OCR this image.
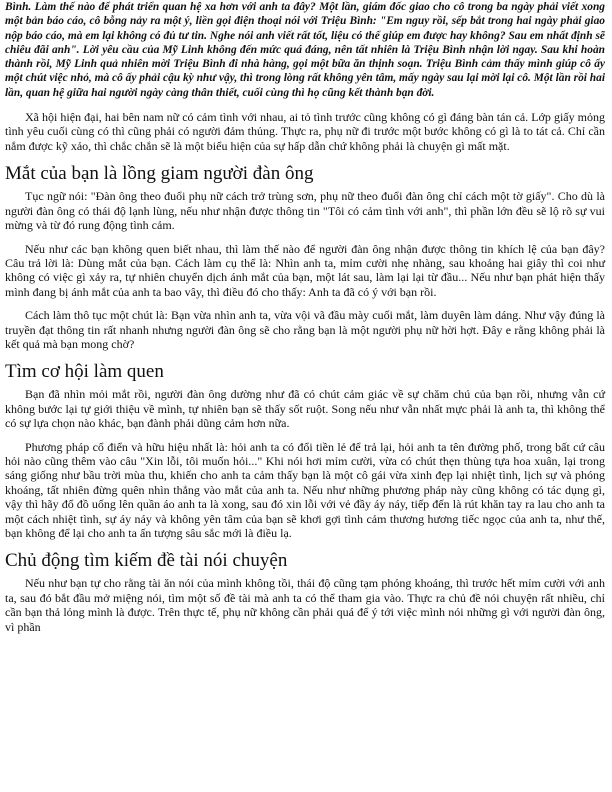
Bình. Làm thế nào để phát triển quan hệ xa hơn với anh ta đây? Một lần, giám đốc giao cho cô trong ba ngày phải viết xong một bản báo cáo, cô bỗng nảy ra một ý, liền gọi điện thoại nói với Triệu Bình: "Em nguy rồi, sếp bắt trong hai ngày phải giao nộp báo cáo, mà em lại không có đủ tư tin. Nghe nói anh viết rất tốt, liệu có thể giúp em được hay không? Sau em nhất định sẽ chiêu đãi anh". Lời yêu cầu của Mỹ Linh không đến mức quá đáng, nên tất nhiên là Triệu Bình nhận lời ngay. Sau khi hoàn thành rồi, Mỹ Linh quả nhiên mời Triệu Bình đi nhà hàng, gọi một bữa ăn thịnh soạn. Triệu Bình cảm thấy mình giúp cô ấy một chút việc nhỏ, mà cô ấy phải cậu kỳ như vậy, thì trong lòng rất không yên tâm, mấy ngày sau lại mời lại cô. Một lần rồi hai lần, quan hệ giữa hai người ngày càng thân thiết, cuối cùng thì họ cũng kết thành bạn đời.

Xã hội hiện đại, hai bên nam nữ có cảm tình với nhau, ai tỏ tình trước cũng không có gì đáng bàn tán cả. Lớp giấy mỏng tình yêu cuối cùng có thì cũng phải có người đảm thủng. Thực ra, phụ nữ đi trước một bước không có gì là to tát cả. Chỉ cần nắm được kỹ xảo, thì chắc chắn sẽ là một biểu hiện của sự hấp dẫn chứ không phải là chuyện gì mất mặt.

Mắt của bạn là lồng giam người đàn ông

Tục ngữ nói: "Đàn ông theo đuổi phụ nữ cách trở trùng sơn, phụ nữ theo đuổi đàn ông chỉ cách một tờ giấy". Cho dù là người đàn ông có thái độ lạnh lùng, nếu như nhận được thông tin "Tôi có cảm tình với anh", thì phần lớn đều sẽ lộ rõ sự vui mừng và từ đó rung động tình cảm.

Nếu như các bạn không quen biết nhau, thì làm thế nào để người đàn ông nhận được thông tin khích lệ của bạn đây? Câu trả lời là: Dùng mắt của bạn. Cách làm cụ thể là: Nhìn anh ta, mỉm cười nhẹ nhàng, sau khoảng hai giây thì coi như không có việc gì xảy ra, tự nhiên chuyển dịch ánh mắt của bạn, một lát sau, làm lại lại từ đầu... Nếu như bạn phát hiện thấy mình đang bị ánh mắt của anh ta bao vây, thì điều đó cho thấy: Anh ta đã có ý với bạn rồi.

Cách làm thô tục một chút là: Bạn vừa nhìn anh ta, vừa vội vã đầu mày cuối mắt, làm duyên làm dáng. Như vậy đúng là truyền đạt thông tin rất nhanh nhưng người đàn ông sẽ cho rằng bạn là một người phụ nữ hời hợt. Đây e rằng không phải là kết quả mà bạn mong chờ?

Tìm cơ hội làm quen

Bạn đã nhìn mỏi mắt rồi, người đàn ông dường như đã có chút cảm giác về sự chăm chú của bạn rồi, nhưng vẫn cứ không bước lại tự giới thiệu về mình, tự nhiên bạn sẽ thấy sốt ruột. Song nếu như vẫn nhất mực phải là anh ta, thì không thể có sự lựa chọn nào khác, bạn đành phải dũng cảm hơn nữa.

Phương pháp cổ điển và hữu hiệu nhất là: hỏi anh ta có đổi tiền lẻ để trả lại, hỏi anh ta tên đường phố, trong bất cứ câu hỏi nào cũng thêm vào câu "Xin lỗi, tôi muốn hỏi..." Khi nói hơi mỉm cười, vừa có chút thẹn thùng tựa hoa xuân, lại trong sáng giống như bầu trời mùa thu, khiến cho anh ta cảm thấy bạn là một cô gái vừa xinh đẹp lại nhiệt tình, lịch sự và phóng khoáng, tất nhiên đừng quên nhìn thẳng vào mắt của anh ta. Nếu như những phương pháp này cũng không có tác dụng gì, vậy thì hãy đổ đồ uống lên quần áo anh ta là xong, sau đó xin lỗi với vẻ đầy áy náy, tiếp đến là rút khăn tay ra lau cho anh ta một cách nhiệt tình, sự áy náy và không yên tâm của bạn sẽ khơi gợi tình cảm thương hương tiếc ngọc của anh ta, như thế, bạn không để lại cho anh ta ấn tượng sâu sắc mới là điều lạ.

Chủ động tìm kiếm đề tài nói chuyện

Nếu như bạn tự cho rằng tài ăn nói của mình không tồi, thái độ cũng tạm phóng khoáng, thì trước hết mỉm cười với anh ta, sau đó bắt đầu mở miệng nói, tìm một số đề tài mà anh ta có thể tham gia vào. Thực ra chủ đề nói chuyện rất nhiều, chỉ cần bạn thả lỏng mình là được. Trên thực tế, phụ nữ không cần phải quá để ý tới việc mình nói những gì với người đàn ông, vì phần
